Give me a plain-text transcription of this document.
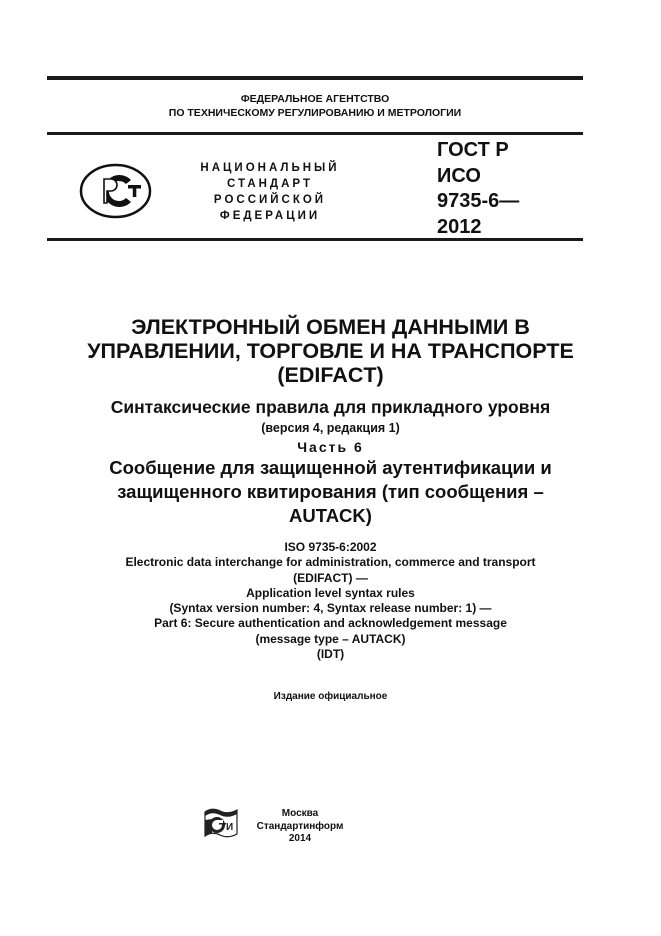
ФЕДЕРАЛЬНОЕ АГЕНТСТВО
ПО ТЕХНИЧЕСКОМУ РЕГУЛИРОВАНИЮ И МЕТРОЛОГИИ
НАЦИОНАЛЬНЫЙ
СТАНДАРТ
РОССИЙСКОЙ
ФЕДЕРАЦИИ
ГОСТ Р
ИСО
9735-6—
2012
ЭЛЕКТРОННЫЙ ОБМЕН ДАННЫМИ В
УПРАВЛЕНИИ, ТОРГОВЛЕ И НА ТРАНСПОРТЕ
(EDIFACT)
Синтаксические правила для прикладного уровня
(версия 4, редакция 1)
Часть 6
Сообщение для защищенной аутентификации и
защищенного квитирования (тип сообщения –
AUTACK)
ISO 9735-6:2002
Electronic data interchange for administration, commerce and transport
(EDIFACT) —
Application level syntax rules
(Syntax version number: 4, Syntax release number: 1) —
Part 6: Secure authentication and acknowledgement message
(message type – AUTACK)
(IDT)
Издание официальное
И
Москва
Стандартинформ
2014
